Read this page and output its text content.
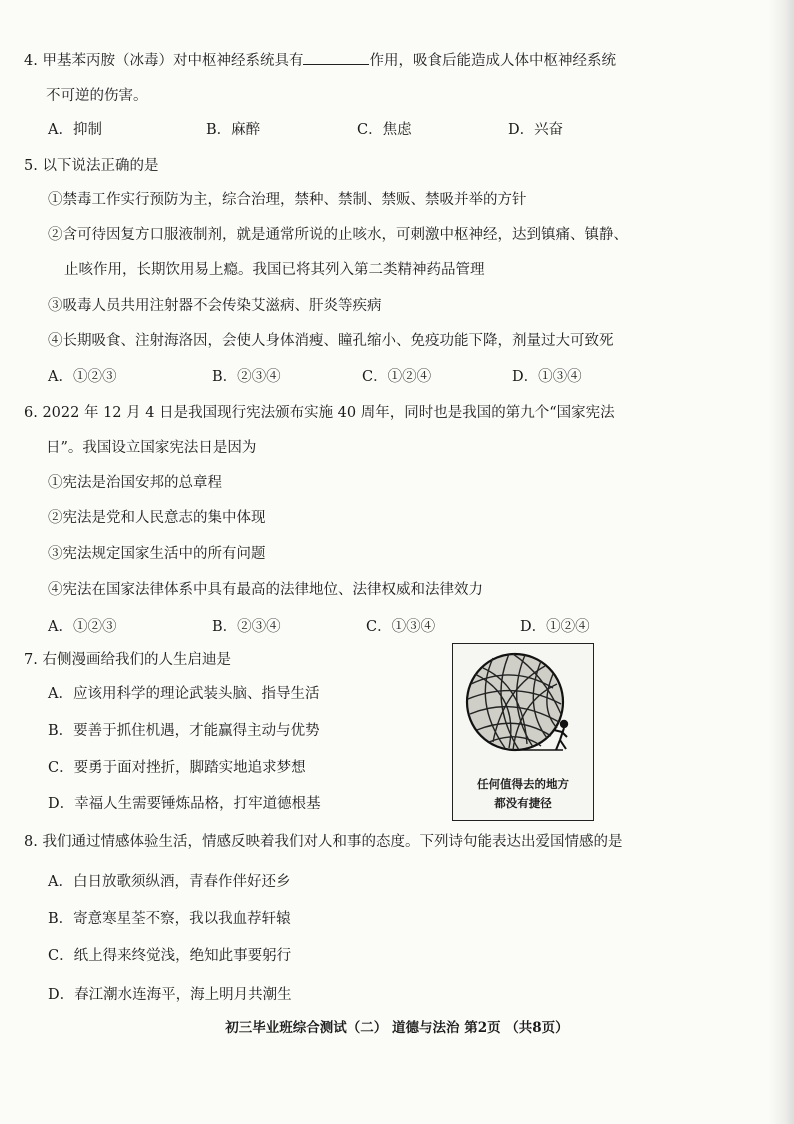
4. 甲基苯丙胺（冰毒）对中枢神经系统具有	作用，吸食后能造成人体中枢神经系统
不可逆的伤害。
A．抑制	B．麻醉	C．焦虑	D．兴奋
5. 以下说法正确的是
①禁毒工作实行预防为主，综合治理，禁种、禁制、禁贩、禁吸并举的方针
②含可待因复方口服液制剂，就是通常所说的止咳水，可刺激中枢神经，达到镇痛、镇静、
止咳作用，长期饮用易上瘾。我国已将其列入第二类精神药品管理
③吸毒人员共用注射器不会传染艾滋病、肝炎等疾病
④长期吸食、注射海洛因，会使人身体消瘦、瞳孔缩小、免疫功能下降，剂量过大可致死
A．①②③	B．②③④	C．①②④	D．①③④
6. 2022 年 12 月 4 日是我国现行宪法颁布实施 40 周年，同时也是我国的第九个“国家宪法
日”。我国设立国家宪法日是因为
①宪法是治国安邦的总章程
②宪法是党和人民意志的集中体现
③宪法规定国家生活中的所有问题
④宪法在国家法律体系中具有最高的法律地位、法律权威和法律效力
A．①②③	B．②③④	C．①③④	D．①②④
7. 右侧漫画给我们的人生启迪是
A．应该用科学的理论武装头脑、指导生活
B．要善于抓住机遇，才能赢得主动与优势
C．要勇于面对挫折，脚踏实地追求梦想
D．幸福人生需要锤炼品格，打牢道德根基
任何值得去的地方
都没有捷径
8. 我们通过情感体验生活，情感反映着我们对人和事的态度。下列诗句能表达出爱国情感的是
A．白日放歌须纵酒，青春作伴好还乡
B．寄意寒星荃不察，我以我血荐轩辕
C．纸上得来终觉浅，绝知此事要躬行
D．春江潮水连海平，海上明月共潮生
初三毕业班综合测试（二） 道德与法治 第2页 （共8页）
